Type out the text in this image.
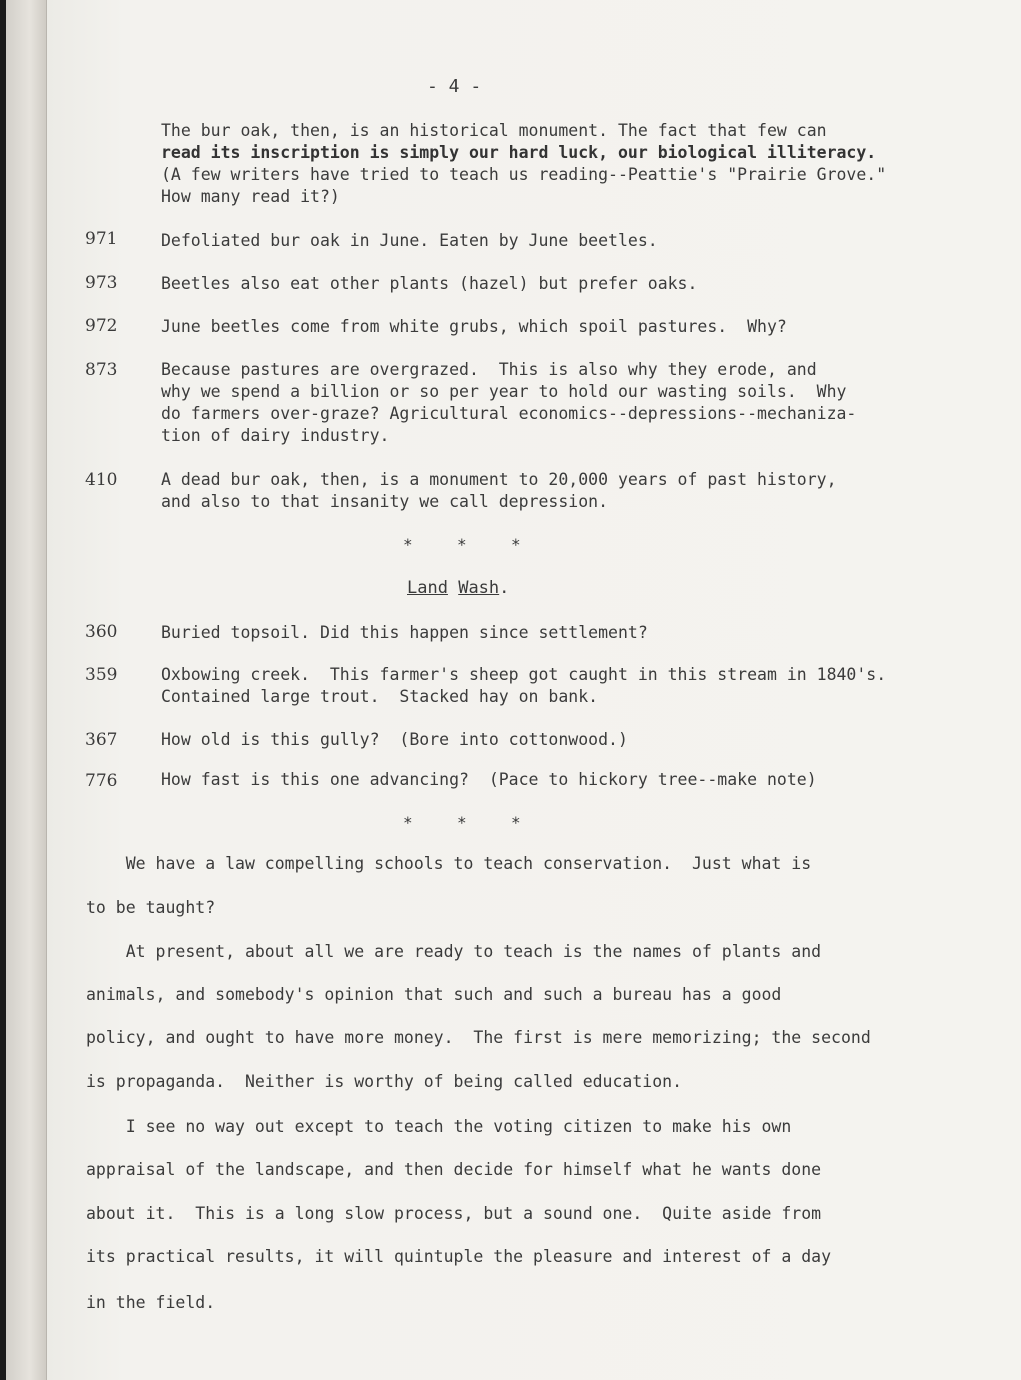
- 4 -
The bur oak, then, is an historical monument. The fact that few can
read its inscription is simply our hard luck, our biological illiteracy.
(A few writers have tried to teach us reading--Peattie's "Prairie Grove."
How many read it?)
971	Defoliated bur oak in June. Eaten by June beetles.
973	Beetles also eat other plants (hazel) but prefer oaks.
972	June beetles come from white grubs, which spoil pastures.  Why?
873	Because pastures are overgrazed.  This is also why they erode, and
why we spend a billion or so per year to hold our wasting soils.  Why
do farmers over-graze? Agricultural economics--depressions--mechaniza-
tion of dairy industry.
410	A dead bur oak, then, is a monument to 20,000 years of past history,
and also to that insanity we call depression.
*	*	*
Land Wash.
360	Buried topsoil. Did this happen since settlement?
359	Oxbowing creek.  This farmer's sheep got caught in this stream in 1840's.
Contained large trout.  Stacked hay on bank.
367	How old is this gully?  (Bore into cottonwood.)
776	How fast is this one advancing?  (Pace to hickory tree--make note)
*	*	*
We have a law compelling schools to teach conservation.  Just what is
to be taught?
At present, about all we are ready to teach is the names of plants and
animals, and somebody's opinion that such and such a bureau has a good
policy, and ought to have more money.  The first is mere memorizing; the second
is propaganda.  Neither is worthy of being called education.
I see no way out except to teach the voting citizen to make his own
appraisal of the landscape, and then decide for himself what he wants done
about it.  This is a long slow process, but a sound one.  Quite aside from
its practical results, it will quintuple the pleasure and interest of a day
in the field.
